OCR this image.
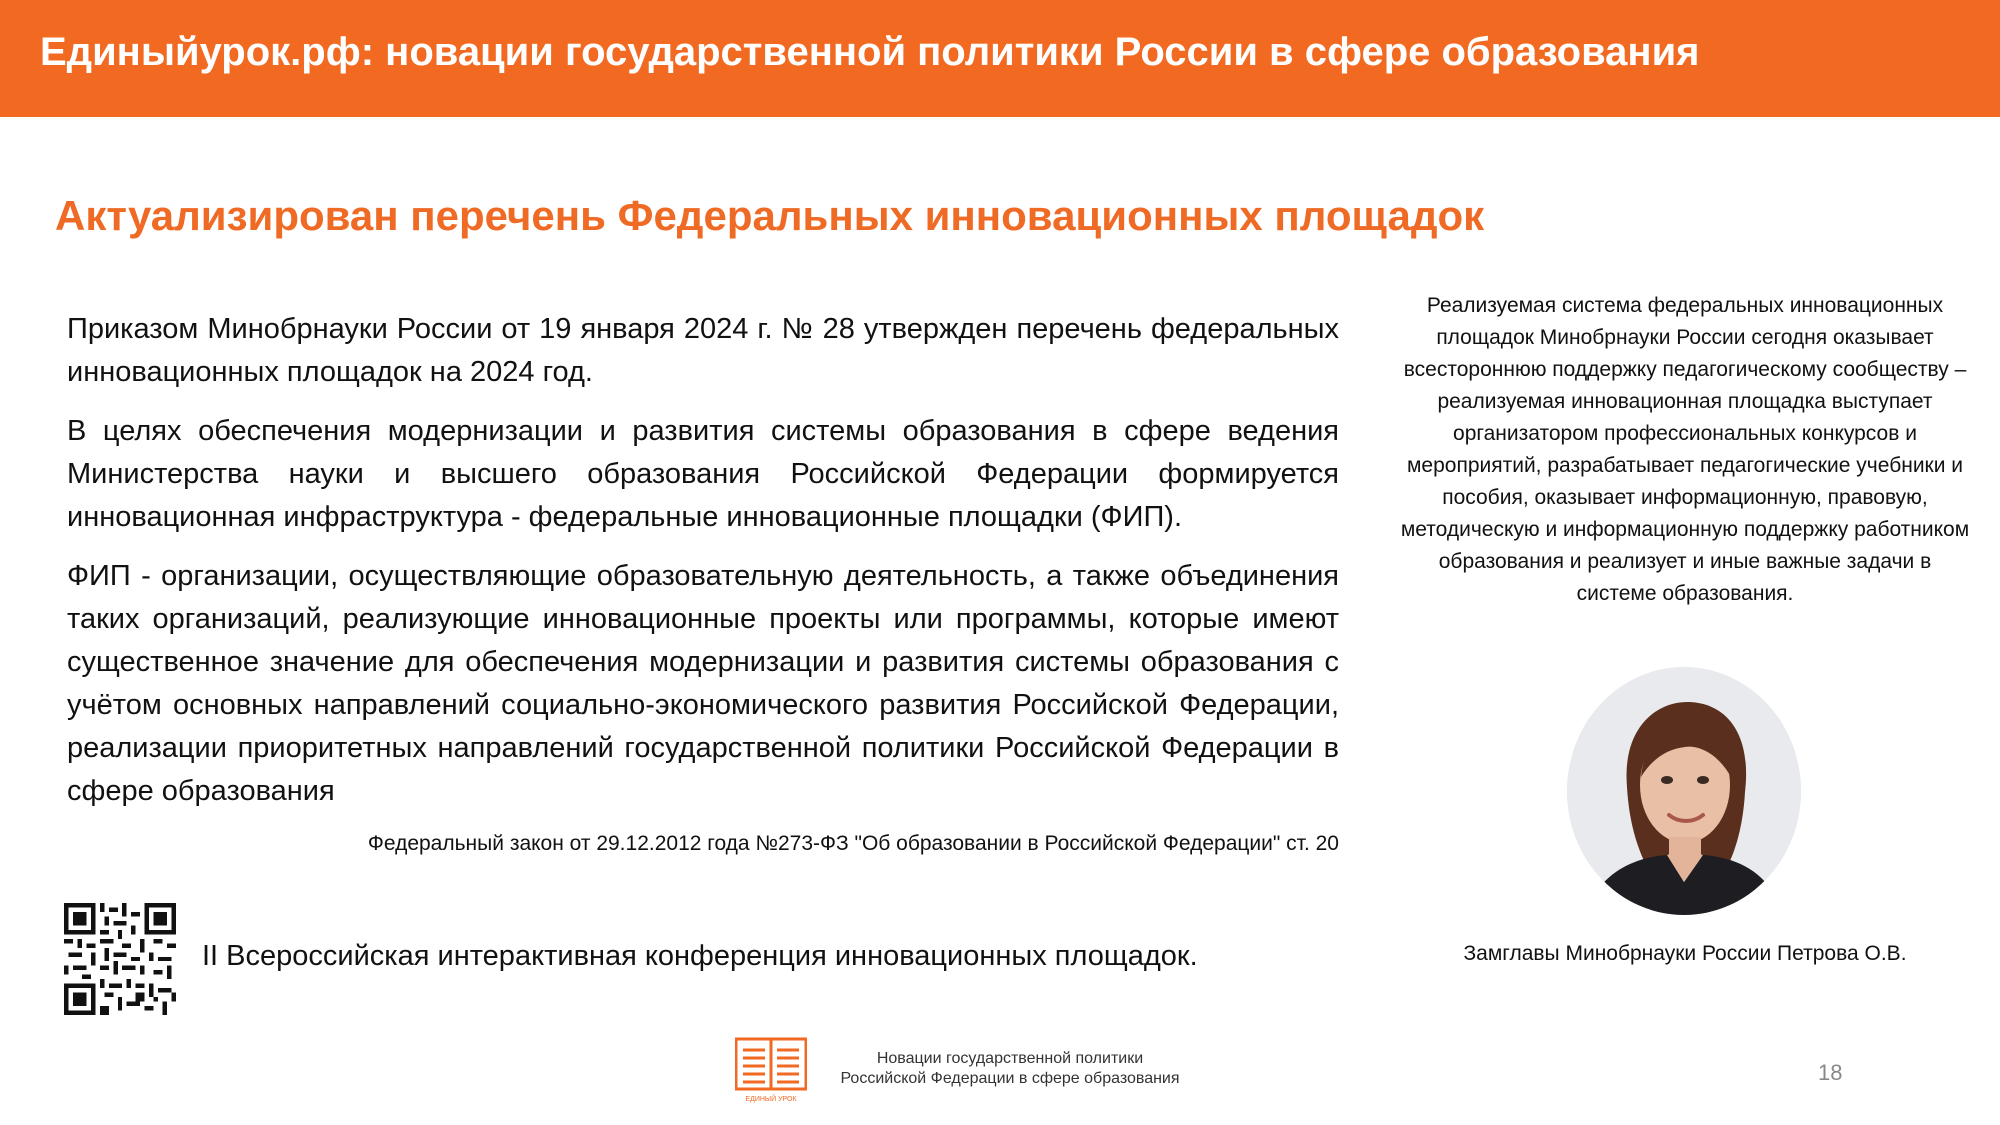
Единыйурок.рф: новации государственной политики России в сфере образования
Актуализирован перечень Федеральных инновационных площадок

Приказом Минобрнауки России от 19 января 2024 г. № 28 утвержден перечень федеральных инновационных площадок на 2024 год.

В целях обеспечения модернизации и развития системы образования в сфере ведения Министерства науки и высшего образования Российской Федерации формируется инновационная инфраструктура - федеральные инновационные площадки (ФИП).

ФИП - организации, осуществляющие образовательную деятельность, а также объединения таких организаций, реализующие инновационные проекты или программы, которые имеют существенное значение для обеспечения модернизации и развития системы образования с учётом основных направлений социально-экономического развития Российской Федерации, реализации приоритетных направлений государственной политики Российской Федерации в сфере образования

Федеральный закон от 29.12.2012 года №273-ФЗ "Об образовании в Российской Федерации" ст. 20
II Всероссийская интерактивная конференция инновационных площадок.
Реализуемая система федеральных инновационных площадок Минобрнауки России сегодня оказывает всестороннюю поддержку педагогическому сообществу – реализуемая инновационная площадка выступает организатором профессиональных конкурсов и мероприятий, разрабатывает педагогические учебники и пособия, оказывает информационную, правовую, методическую и информационную поддержку работником образования и реализует и иные важные задачи в системе образования.
Замглавы Минобрнауки России Петрова О.В.
ЕДИНЫЙ УРОК
Новации государственной политики
Российской Федерации в сфере образования	18
